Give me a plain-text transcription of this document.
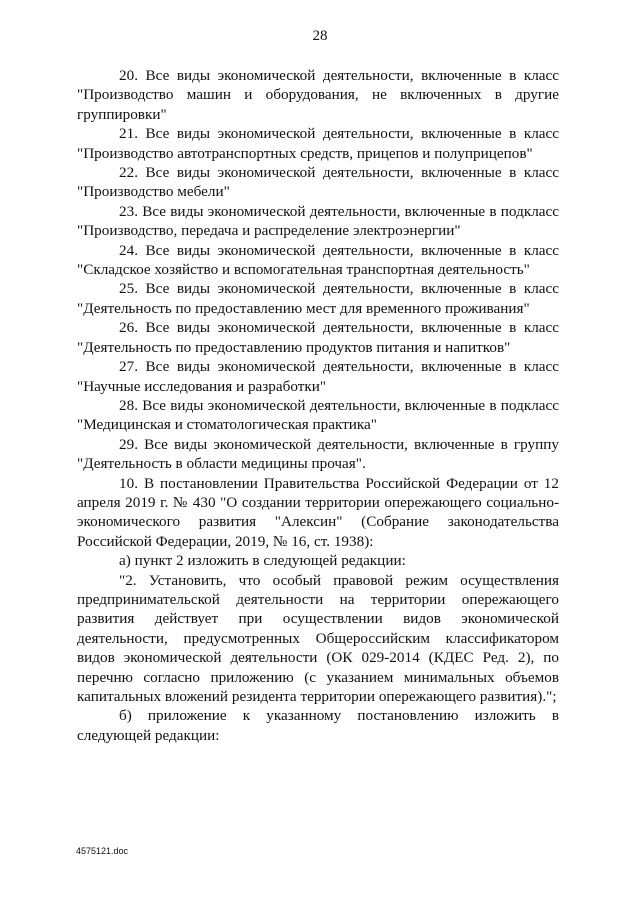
28

20. Все виды экономической деятельности, включенные в класс "Производство машин и оборудования, не включенных в другие группировки"

21. Все виды экономической деятельности, включенные в класс "Производство автотранспортных средств, прицепов и полуприцепов"

22. Все виды экономической деятельности, включенные в класс "Производство мебели"

23. Все виды экономической деятельности, включенные в подкласс "Производство, передача и распределение электроэнергии"

24. Все виды экономической деятельности, включенные в класс "Складское хозяйство и вспомогательная транспортная деятельность"

25. Все виды экономической деятельности, включенные в класс "Деятельность по предоставлению мест для временного проживания"

26. Все виды экономической деятельности, включенные в класс "Деятельность по предоставлению продуктов питания и напитков"

27. Все виды экономической деятельности, включенные в класс "Научные исследования и разработки"

28. Все виды экономической деятельности, включенные в подкласс "Медицинская и стоматологическая практика"

29. Все виды экономической деятельности, включенные в группу "Деятельность в области медицины прочая".

10. В постановлении Правительства Российской Федерации от 12 апреля 2019 г. № 430 "О создании территории опережающего социально-экономического развития "Алексин" (Собрание законодательства Российской Федерации, 2019, № 16, ст. 1938):

а) пункт 2 изложить в следующей редакции:

"2. Установить, что особый правовой режим осуществления предпринимательской деятельности на территории опережающего развития действует при осуществлении видов экономической деятельности, предусмотренных Общероссийским классификатором видов экономической деятельности (ОК 029-2014 (КДЕС Ред. 2), по перечню согласно приложению (с указанием минимальных объемов капитальных вложений резидента территории опережающего развития).";

б) приложение к указанному постановлению изложить в следующей редакции:

4575121.doc
